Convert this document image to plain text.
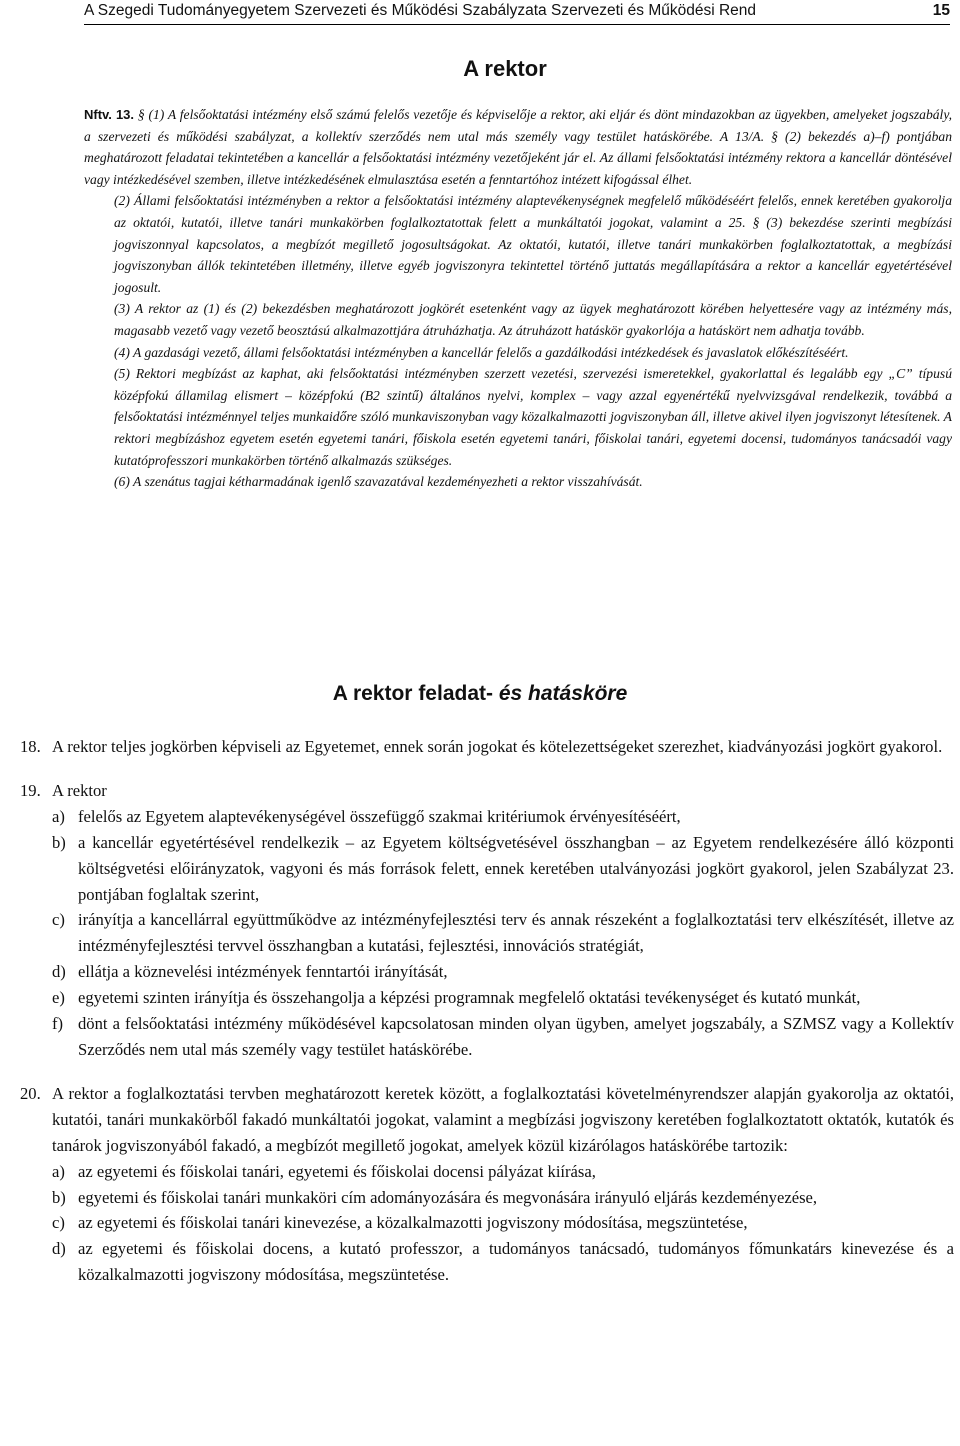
A Szegedi Tudományegyetem Szervezeti és Működési Szabályzata Szervezeti és Működési Rend	15
A rektor

Nftv. 13. § (1) A felsőoktatási intézmény első számú felelős vezetője és képviselője a rektor, aki eljár és dönt mindazokban az ügyekben, amelyeket jogszabály, a szervezeti és működési szabályzat, a kollektív szerződés nem utal más személy vagy testület hatáskörébe. A 13/A. § (2) bekezdés a)–f) pontjában meghatározott feladatai tekintetében a kancellár a felsőoktatási intézmény vezetőjeként jár el. Az állami felsőoktatási intézmény rektora a kancellár döntésével vagy intézkedésével szemben, illetve intézkedésének elmulasztása esetén a fenntartóhoz intézett kifogással élhet.

(2) Állami felsőoktatási intézményben a rektor a felsőoktatási intézmény alaptevékenységnek megfelelő működéséért felelős, ennek keretében gyakorolja az oktatói, kutatói, illetve tanári munkakörben foglalkoztatottak felett a munkáltatói jogokat, valamint a 25. § (3) bekezdése szerinti megbízási jogviszonnyal kapcsolatos, a megbízót megillető jogosultságokat. Az oktatói, kutatói, illetve tanári munkakörben foglalkoztatottak, a megbízási jogviszonyban állók tekintetében illetmény, illetve egyéb jogviszonyra tekintettel történő juttatás megállapítására a rektor a kancellár egyetértésével jogosult.

(3) A rektor az (1) és (2) bekezdésben meghatározott jogkörét esetenként vagy az ügyek meghatározott körében helyettesére vagy az intézmény más, magasabb vezető vagy vezető beosztású alkalmazottjára átruházhatja. Az átruházott hatáskör gyakorlója a hatáskört nem adhatja tovább.

(4) A gazdasági vezető, állami felsőoktatási intézményben a kancellár felelős a gazdálkodási intézkedések és javaslatok előkészítéséért.

(5) Rektori megbízást az kaphat, aki felsőoktatási intézményben szerzett vezetési, szervezési ismeretekkel, gyakorlattal és legalább egy „C” típusú középfokú államilag elismert – középfokú (B2 szintű) általános nyelvi, komplex – vagy azzal egyenértékű nyelvvizsgával rendelkezik, továbbá a felsőoktatási intézménnyel teljes munkaidőre szóló munkaviszonyban vagy közalkalmazotti jogviszonyban áll, illetve akivel ilyen jogviszonyt létesítenek. A rektori megbízáshoz egyetem esetén egyetemi tanári, főiskola esetén egyetemi tanári, főiskolai tanári, egyetemi docensi, tudományos tanácsadói vagy kutatóprofesszori munkakörben történő alkalmazás szükséges.

(6) A szenátus tagjai kétharmadának igenlő szavazatával kezdeményezheti a rektor visszahívását.

A rektor feladat- és hatásköre
18. A rektor teljes jogkörben képviseli az Egyetemet, ennek során jogokat és kötelezettségeket szerezhet, kiadványozási jogkört gyakorol.
19. A rektor
a) felelős az Egyetem alaptevékenységével összefüggő szakmai kritériumok érvényesítéséért,
b) a kancellár egyetértésével rendelkezik – az Egyetem költségvetésével összhangban – az Egyetem rendelkezésére álló központi költségvetési előirányzatok, vagyoni és más források felett, ennek keretében utalványozási jogkört gyakorol, jelen Szabályzat 23. pontjában foglaltak szerint,
c) irányítja a kancellárral együttműködve az intézményfejlesztési terv és annak részeként a foglalkoztatási terv elkészítését, illetve az intézményfejlesztési tervvel összhangban a kutatási, fejlesztési, innovációs stratégiát,
d) ellátja a köznevelési intézmények fenntartói irányítását,
e) egyetemi szinten irányítja és összehangolja a képzési programnak megfelelő oktatási tevékenységet és kutató munkát,
f) dönt a felsőoktatási intézmény működésével kapcsolatosan minden olyan ügyben, amelyet jogszabály, a SZMSZ vagy a Kollektív Szerződés nem utal más személy vagy testület hatáskörébe.
20. A rektor a foglalkoztatási tervben meghatározott keretek között, a foglalkoztatási követelményrendszer alapján gyakorolja az oktatói, kutatói, tanári munkakörből fakadó munkáltatói jogokat, valamint a megbízási jogviszony keretében foglalkoztatott oktatók, kutatók és tanárok jogviszonyából fakadó, a megbízót megillető jogokat, amelyek közül kizárólagos hatáskörébe tartozik:
a) az egyetemi és főiskolai tanári, egyetemi és főiskolai docensi pályázat kiírása,
b) egyetemi és főiskolai tanári munkaköri cím adományozására és megvonására irányuló eljárás kezdeményezése,
c) az egyetemi és főiskolai tanári kinevezése, a közalkalmazotti jogviszony módosítása, megszüntetése,
d) az egyetemi és főiskolai docens, a kutató professzor, a tudományos tanácsadó, tudományos főmunkatárs kinevezése és a közalkalmazotti jogviszony módosítása, megszüntetése.
